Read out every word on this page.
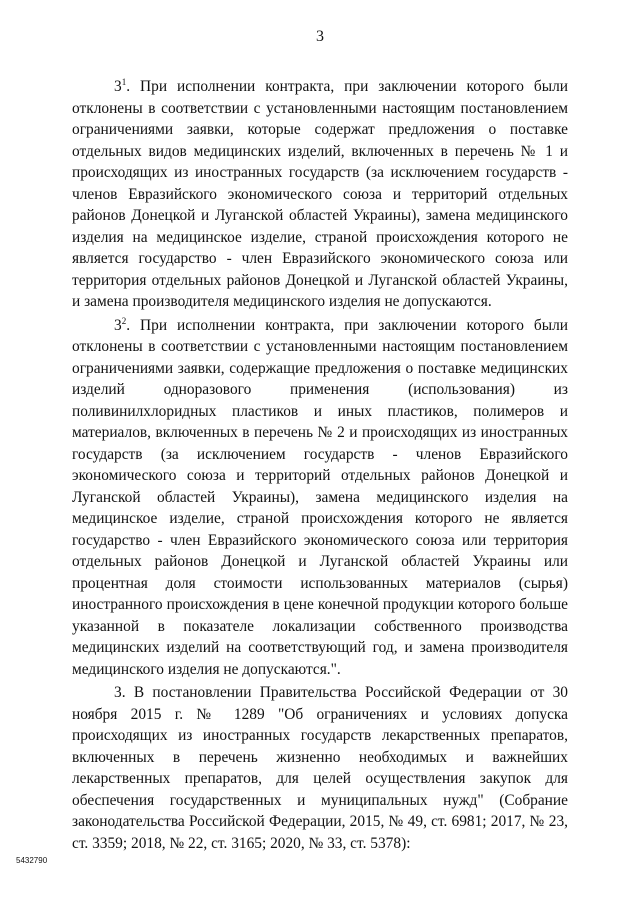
3

$3^1$. При исполнении контракта, при заключении которого были отклонены в соответствии с установленными настоящим постановлением ограничениями заявки, которые содержат предложения о поставке отдельных видов медицинских изделий, включенных в перечень № 1 и происходящих из иностранных государств (за исключением государств - членов Евразийского экономического союза и территорий отдельных районов Донецкой и Луганской областей Украины), замена медицинского изделия на медицинское изделие, страной происхождения которого не является государство - член Евразийского экономического союза или территория отдельных районов Донецкой и Луганской областей Украины, и замена производителя медицинского изделия не допускаются.

$3^2$. При исполнении контракта, при заключении которого были отклонены в соответствии с установленными настоящим постановлением ограничениями заявки, содержащие предложения о поставке медицинских изделий одноразового применения (использования) из поливинилхлоридных пластиков и иных пластиков, полимеров и материалов, включенных в перечень № 2 и происходящих из иностранных государств (за исключением государств - членов Евразийского экономического союза и территорий отдельных районов Донецкой и Луганской областей Украины), замена медицинского изделия на медицинское изделие, страной происхождения которого не является государство - член Евразийского экономического союза или территория отдельных районов Донецкой и Луганской областей Украины или процентная доля стоимости использованных материалов (сырья) иностранного происхождения в цене конечной продукции которого больше указанной в показателе локализации собственного производства медицинских изделий на соответствующий год, и замена производителя медицинского изделия не допускаются.".

3. В постановлении Правительства Российской Федерации от 30 ноября 2015 г. № 1289 "Об ограничениях и условиях допуска происходящих из иностранных государств лекарственных препаратов, включенных в перечень жизненно необходимых и важнейших лекарственных препаратов, для целей осуществления закупок для обеспечения государственных и муниципальных нужд" (Собрание законодательства Российской Федерации, 2015, № 49, ст. 6981; 2017, № 23, ст. 3359; 2018, № 22, ст. 3165; 2020, № 33, ст. 5378):

5432790
